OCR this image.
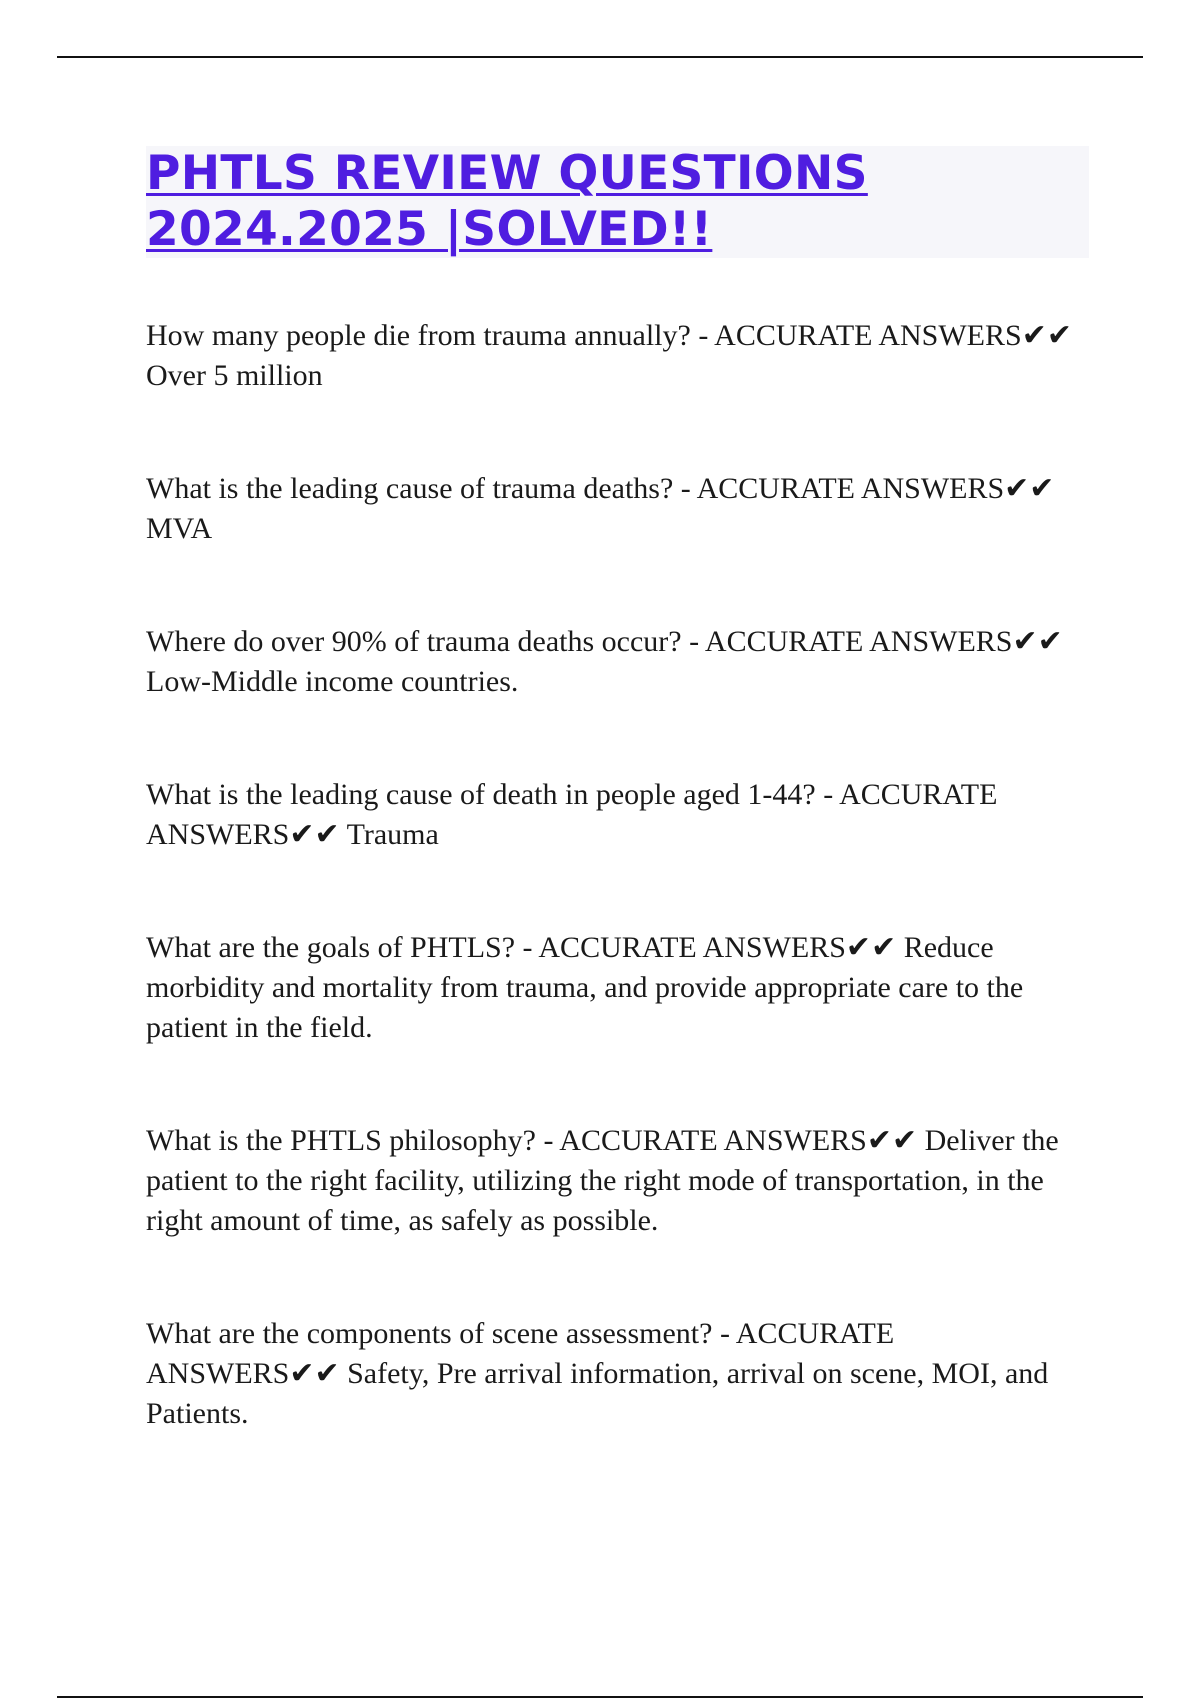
PHTLS REVIEW QUESTIONS 2024.2025 |SOLVED!!

How many people die from trauma annually? - ACCURATE ANSWERS✔✔ Over 5 million

What is the leading cause of trauma deaths? - ACCURATE ANSWERS✔✔ MVA

Where do over 90% of trauma deaths occur? - ACCURATE ANSWERS✔✔ Low-Middle income countries.

What is the leading cause of death in people aged 1-44? - ACCURATE ANSWERS✔✔ Trauma

What are the goals of PHTLS? - ACCURATE ANSWERS✔✔ Reduce morbidity and mortality from trauma, and provide appropriate care to the patient in the field.

What is the PHTLS philosophy? - ACCURATE ANSWERS✔✔ Deliver the patient to the right facility, utilizing the right mode of transportation, in the right amount of time, as safely as possible.

What are the components of scene assessment? - ACCURATE ANSWERS✔✔ Safety, Pre arrival information, arrival on scene, MOI, and Patients.
